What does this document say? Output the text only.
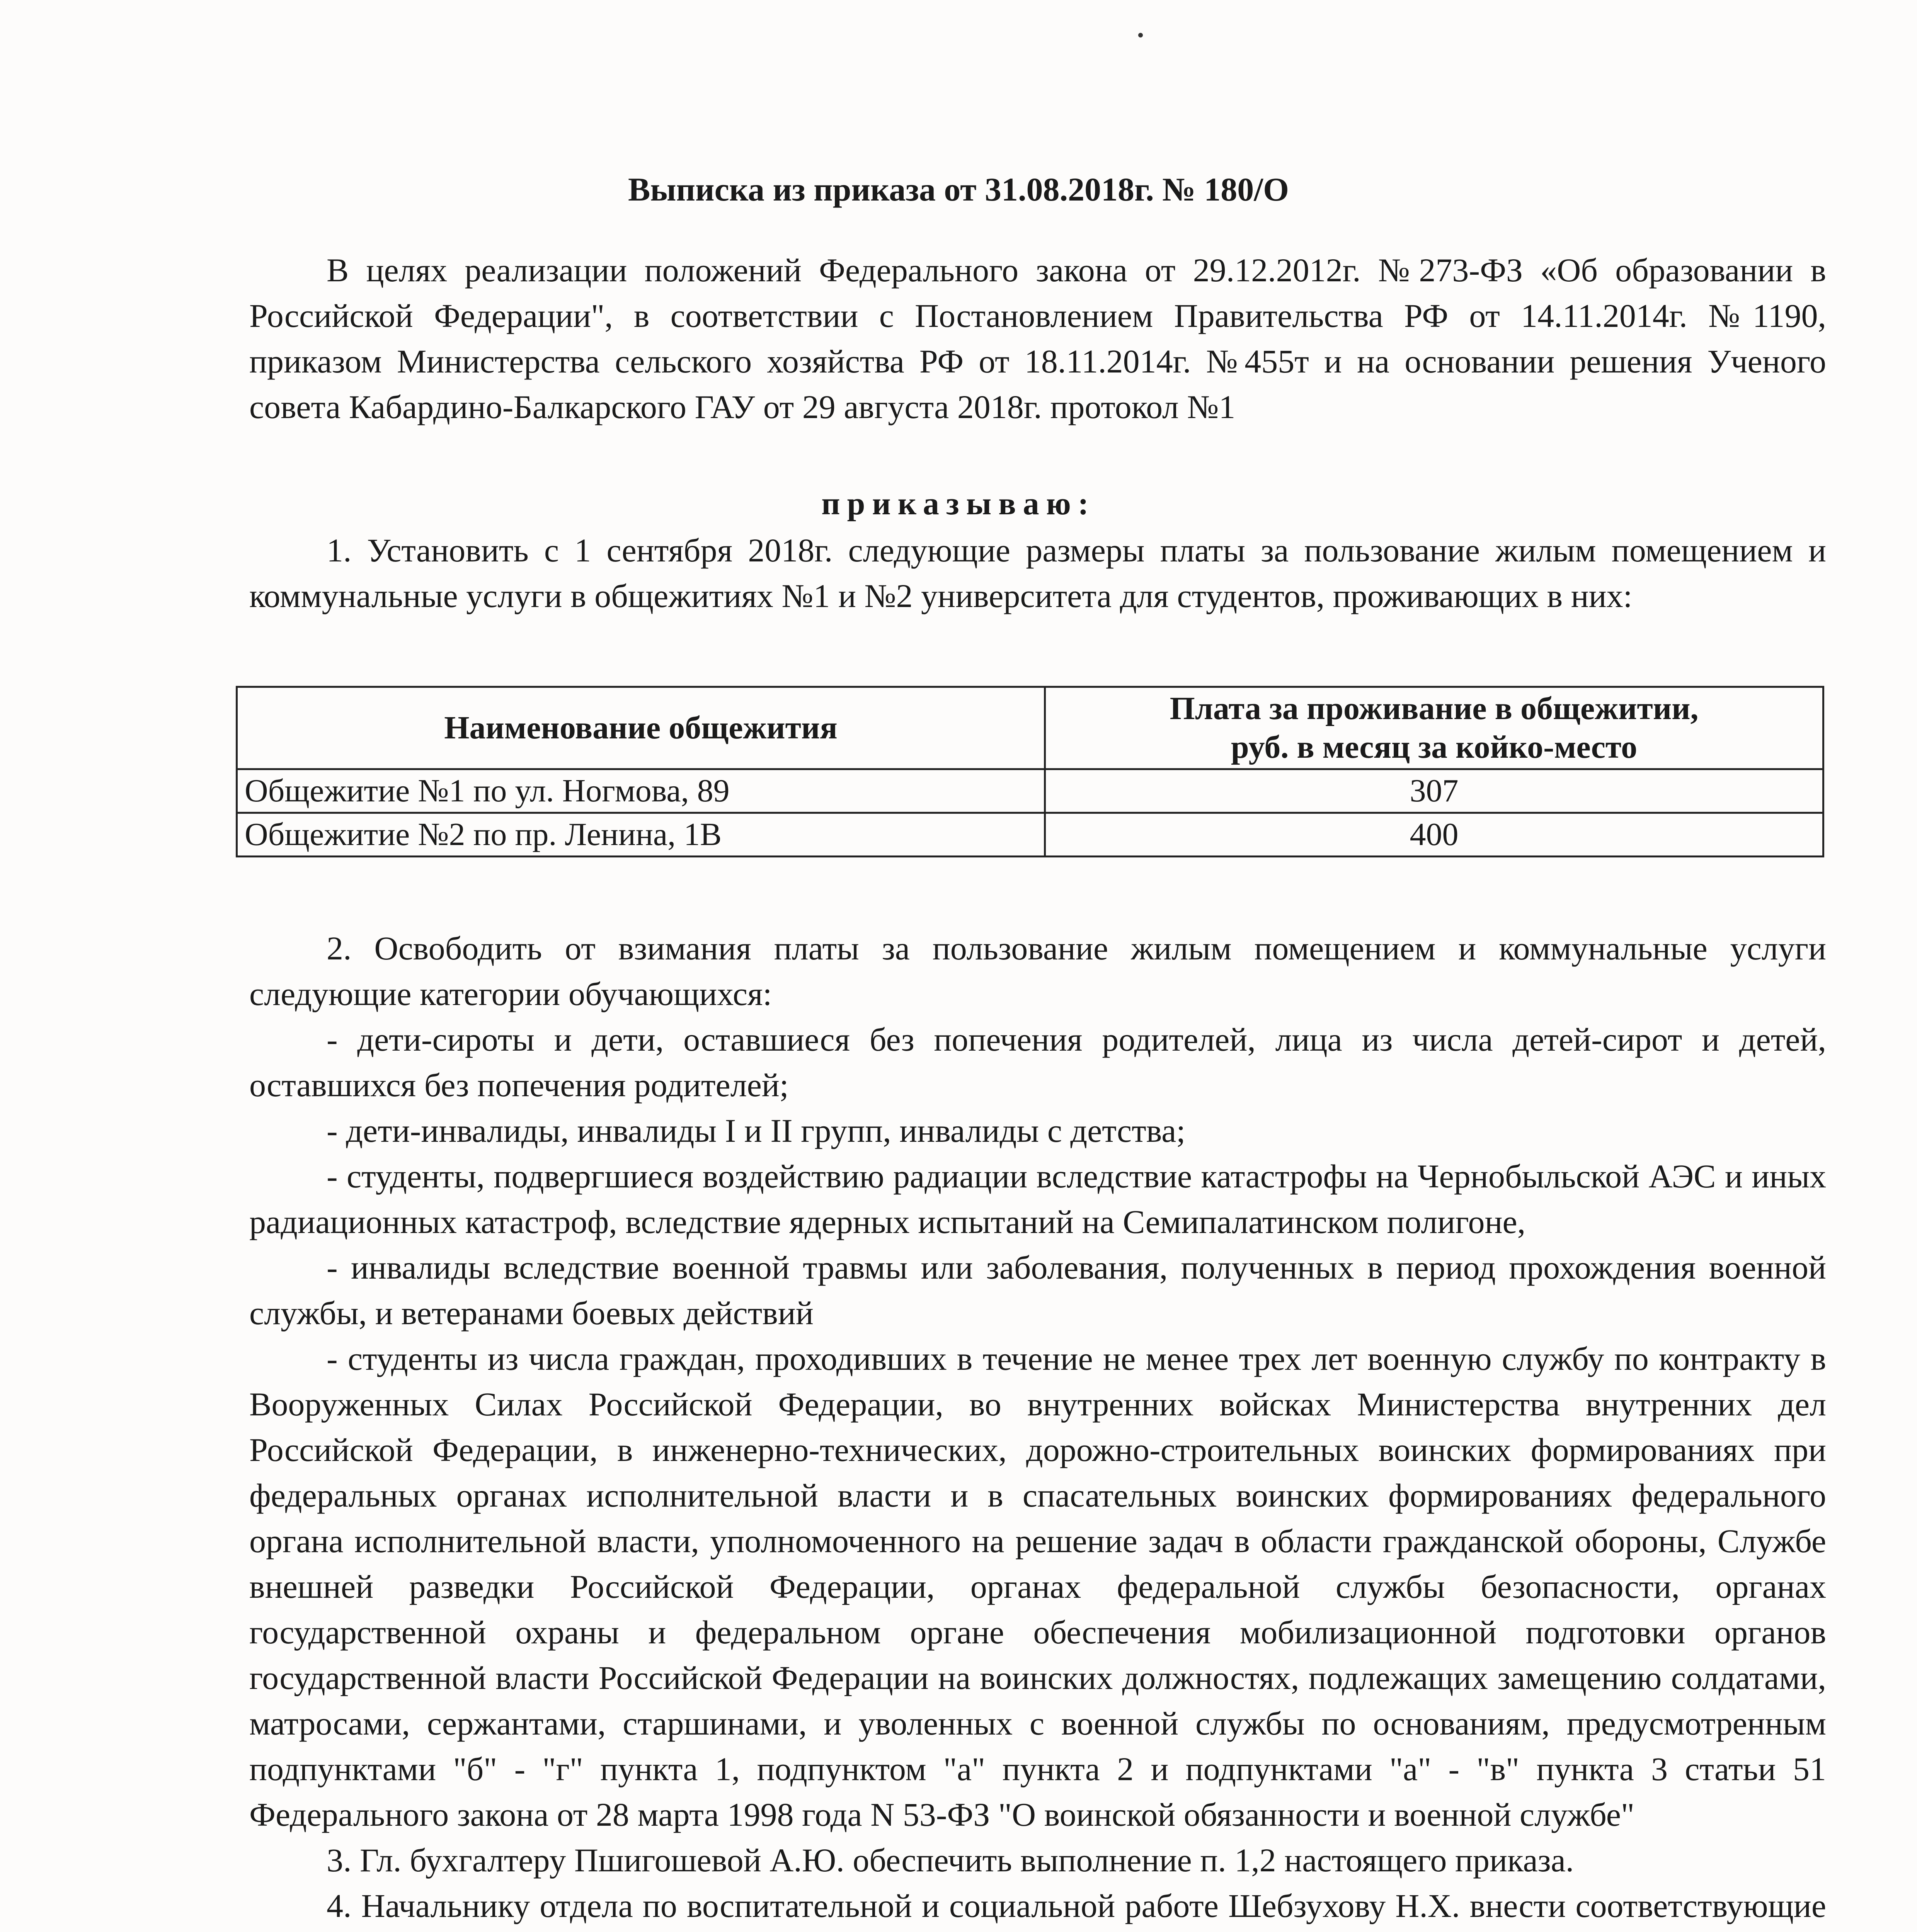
Выписка из приказа от 31.08.2018г. № 180/О

В целях реализации положений Федерального закона от 29.12.2012г. №273-ФЗ «Об образовании в Российской Федерации", в соответствии с Постановлением Правительства РФ от 14.11.2014г. №1190, приказом Министерства сельского хозяйства РФ от 18.11.2014г. №455т и на основании решения Ученого совета Кабардино-Балкарского ГАУ от 29 августа 2018г. протокол №1

приказываю:

1. Установить с 1 сентября 2018г. следующие размеры платы за пользование жилым помещением и коммунальные услуги в общежитиях №1 и №2 университета для студентов, проживающих в них:

Наименование общежития	Плата за проживание в общежитии,
руб. в месяц за койко-место
Общежитие №1 по ул. Ногмова, 89	307
Общежитие №2 по пр. Ленина, 1В	400

2. Освободить от взимания платы за пользование жилым помещением и коммунальные услуги следующие категории обучающихся:

- дети-сироты и дети, оставшиеся без попечения родителей, лица из числа детей-сирот и детей, оставшихся без попечения родителей;

- дети-инвалиды, инвалиды I и II групп, инвалиды с детства;

- студенты, подвергшиеся воздействию радиации вследствие катастрофы на Чернобыльской АЭС и иных радиационных катастроф, вследствие ядерных испытаний на Семипалатинском полигоне,

- инвалиды вследствие военной травмы или заболевания, полученных в период прохождения военной службы, и ветеранами боевых действий

- студенты из числа граждан, проходивших в течение не менее трех лет военную службу по контракту в Вооруженных Силах Российской Федерации, во внутренних войсках Министерства внутренних дел Российской Федерации, в инженерно-технических, дорожно-строительных воинских формированиях при федеральных органах исполнительной власти и в спасательных воинских формированиях федерального органа исполнительной власти, уполномоченного на решение задач в области гражданской обороны, Службе внешней разведки Российской Федерации, органах федеральной службы безопасности, органах государственной охраны и федеральном органе обеспечения мобилизационной подготовки органов государственной власти Российской Федерации на воинских должностях, подлежащих замещению солдатами, матросами, сержантами, старшинами, и уволенных с военной службы по основаниям, предусмотренным подпунктами "б" - "г" пункта 1, подпунктом "а" пункта 2 и подпунктами "а" - "в" пункта 3 статьи 51 Федерального закона от 28 марта 1998 года N 53-ФЗ "О воинской обязанности и военной службе"

3. Гл. бухгалтеру Пшигошевой А.Ю. обеспечить выполнение п. 1,2 настоящего приказа.

4. Начальнику отдела по воспитательной и социальной работе Шебзухову Н.Х. внести соответствующие
